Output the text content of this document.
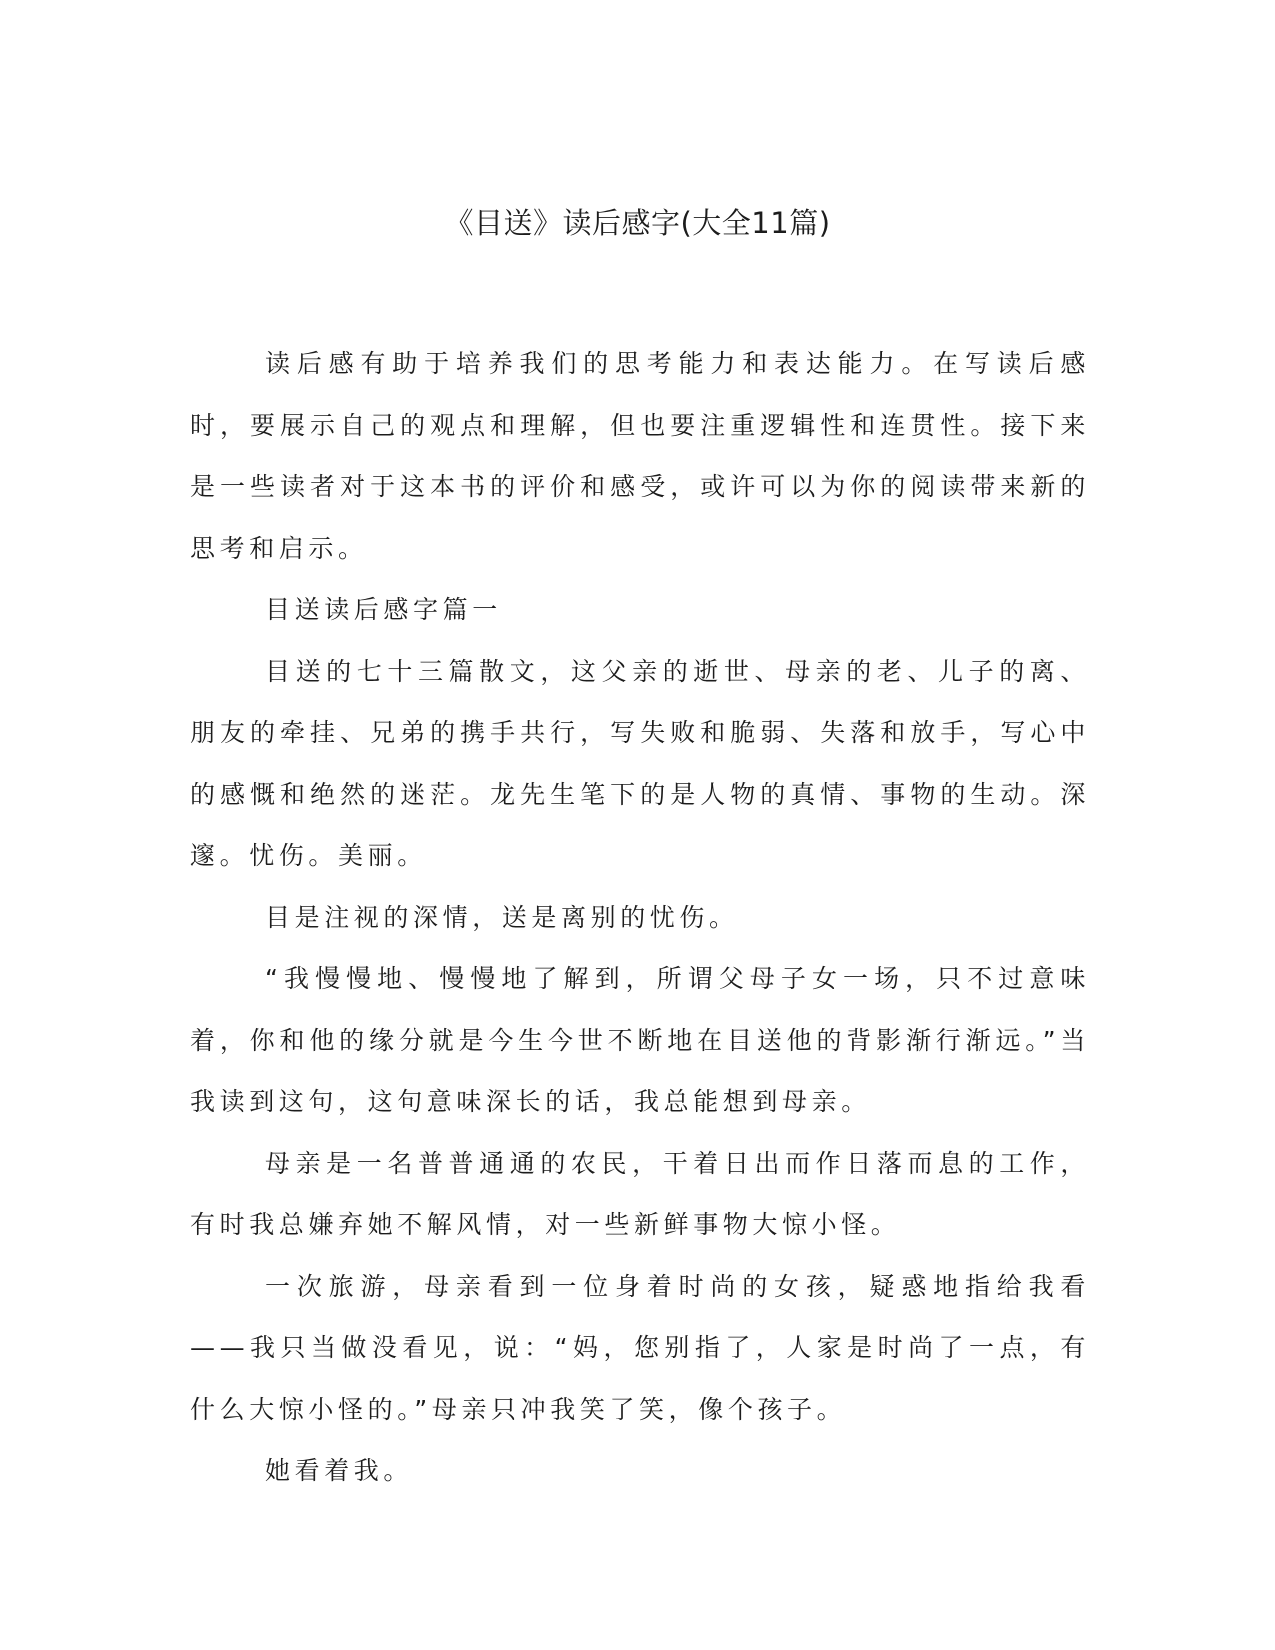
《目送》读后感字(大全11篇)

读后感有助于培养我们的思考能力和表达能力。在写读后感时，要展示自己的观点和理解，但也要注重逻辑性和连贯性。接下来是一些读者对于这本书的评价和感受，或许可以为你的阅读带来新的思考和启示。

目送读后感字篇一

目送的七十三篇散文，这父亲的逝世、母亲的老、儿子的离、朋友的牵挂、兄弟的携手共行，写失败和脆弱、失落和放手，写心中的感慨和绝然的迷茫。龙先生笔下的是人物的真情、事物的生动。深邃。忧伤。美丽。

目是注视的深情，送是离别的忧伤。

“我慢慢地、慢慢地了解到，所谓父母子女一场，只不过意味着，你和他的缘分就是今生今世不断地在目送他的背影渐行渐远。”当我读到这句，这句意味深长的话，我总能想到母亲。

母亲是一名普普通通的农民，干着日出而作日落而息的工作，有时我总嫌弃她不解风情，对一些新鲜事物大惊小怪。

一次旅游，母亲看到一位身着时尚的女孩，疑惑地指给我看——我只当做没看见，说：“妈，您别指了，人家是时尚了一点，有什么大惊小怪的。”母亲只冲我笑了笑，像个孩子。

她看着我。
